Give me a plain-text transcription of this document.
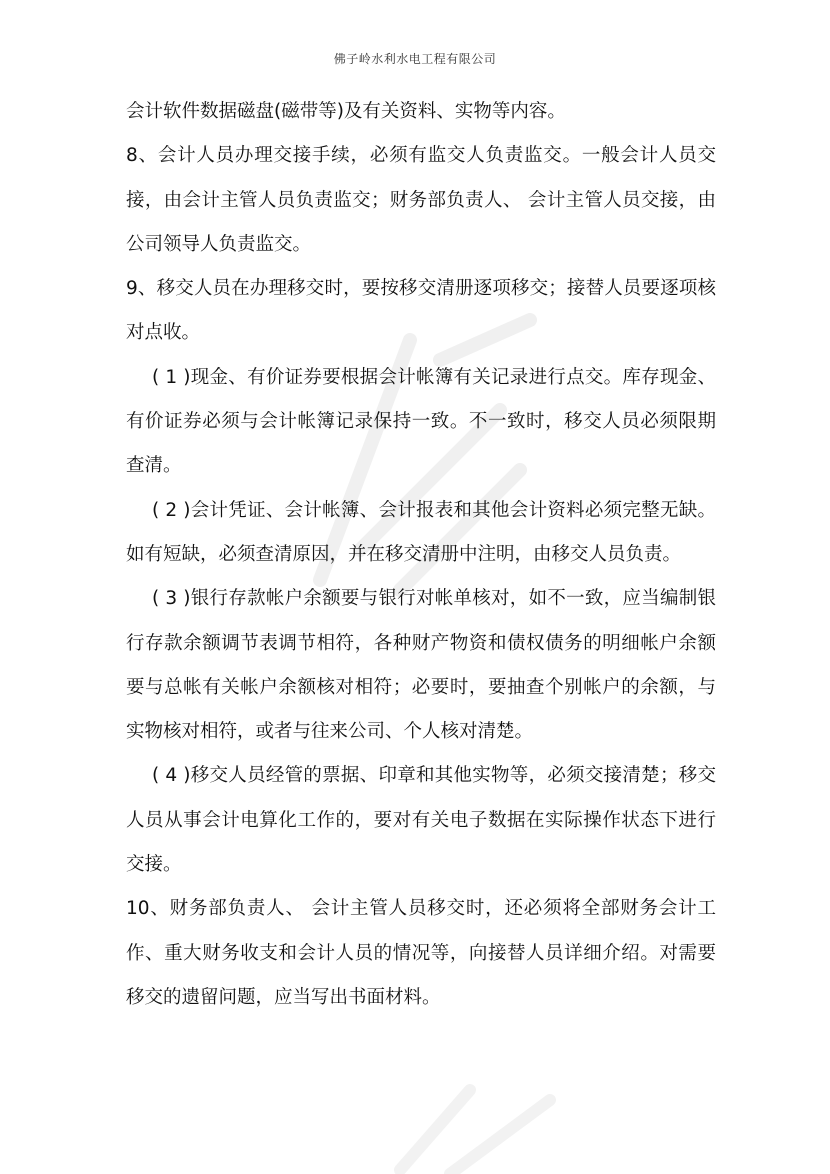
佛子岭水利水电工程有限公司

会计软件数据磁盘(磁带等)及有关资料、实物等内容。

8、会计人员办理交接手续，必须有监交人负责监交。一般会计人员交接，由会计主管人员负责监交；财务部负责人、 会计主管人员交接，由公司领导人负责监交。

9、移交人员在办理移交时，要按移交清册逐项移交；接替人员要逐项核对点收。

( 1 )现金、有价证券要根据会计帐簿有关记录进行点交。库存现金、有价证券必须与会计帐簿记录保持一致。不一致时，移交人员必须限期查清。

( 2 )会计凭证、会计帐簿、会计报表和其他会计资料必须完整无缺。如有短缺，必须查清原因，并在移交清册中注明，由移交人员负责。

( 3 )银行存款帐户余额要与银行对帐单核对，如不一致，应当编制银行存款余额调节表调节相符，各种财产物资和债权债务的明细帐户余额要与总帐有关帐户余额核对相符；必要时，要抽查个别帐户的余额，与实物核对相符，或者与往来公司、个人核对清楚。

( 4 )移交人员经管的票据、印章和其他实物等，必须交接清楚；移交人员从事会计电算化工作的，要对有关电子数据在实际操作状态下进行交接。

10、财务部负责人、 会计主管人员移交时，还必须将全部财务会计工作、重大财务收支和会计人员的情况等，向接替人员详细介绍。对需要移交的遗留问题，应当写出书面材料。
